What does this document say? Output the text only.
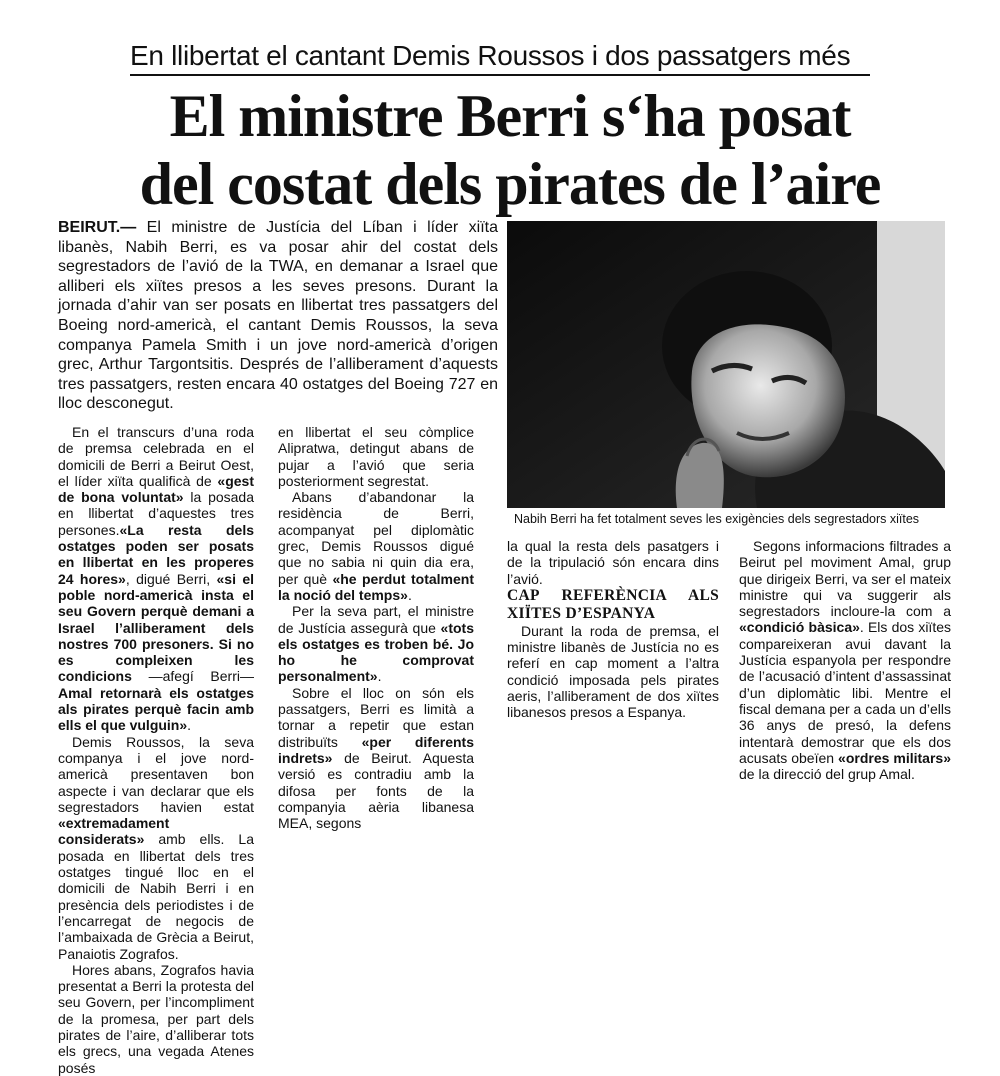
En llibertat el cantant Demis Roussos i dos passatgers més
El ministre Berri s‘ha posat
del costat dels pirates de l’aire
BEIRUT.— El ministre de Justícia del Líban i líder xiïta libanès, Nabih Berri, es va posar ahir del costat dels segrestadors de l’avió de la TWA, en demanar a Israel que alliberi els xiïtes presos a les seves presons. Durant la jornada d’ahir van ser posats en llibertat tres passatgers del Boeing nord-americà, el cantant Demis Roussos, la seva companya Pamela Smith i un jove nord-americà d’origen grec, Arthur Targontsitis. Després de l’alliberament d’aquests tres passatgers, resten encara 40 ostatges del Boeing 727 en lloc desconegut.
Nabih Berri ha fet totalment seves les exigències dels segrestadors xiïtes

En el transcurs d’una roda de premsa celebrada en el domicili de Berri a Beirut Oest, el líder xiïta qualificà de «gest de bona voluntat» la posada en llibertat d’aquestes tres persones.«La resta dels ostatges poden ser posats en llibertat en les properes 24 hores», digué Berri, «si el poble nord-americà insta el seu Govern perquè demani a Israel l’alliberament dels nostres 700 presoners. Si no es compleixen les condicions —afegí Berri— Amal retornarà els ostatges als pirates perquè facin amb ells el que vulguin».

Demis Roussos, la seva companya i el jove nord-americà presentaven bon aspecte i van declarar que els segrestadors havien estat «extremadament considerats» amb ells. La posada en llibertat dels tres ostatges tingué lloc en el domicili de Nabih Berri i en presència dels periodistes i de l’encarregat de negocis de l’ambaixada de Grècia a Beirut, Panaiotis Zografos.

Hores abans, Zografos havia presentat a Berri la protesta del seu Govern, per l’incompliment de la promesa, per part dels pirates de l’aire, d’alliberar tots els grecs, una vegada Atenes posés

en llibertat el seu còmplice Alipratwa, detingut abans de pujar a l’avió que seria posteriorment segrestat.

Abans d’abandonar la residència de Berri, acompanyat pel diplomàtic grec, Demis Roussos digué que no sabia ni quin dia era, per què «he perdut totalment la noció del temps».

Per la seva part, el ministre de Justícia assegurà que «tots els ostatges es troben bé. Jo ho he comprovat personalment».

Sobre el lloc on són els passatgers, Berri es limità a tornar a repetir que estan distribuïts «per diferents indrets» de Beirut. Aquesta versió es contradiu amb la difosa per fonts de la companyia aèria libanesa MEA, segons

la qual la resta dels pasatgers i de la tripulació són encara dins l’avió.

CAP REFERÈNCIA ALS XIÏTES D’ESPANYA

Durant la roda de premsa, el ministre libanès de Justícia no es referí en cap moment a l’altra condició imposada pels pirates aeris, l’alliberament de dos xiïtes libanesos presos a Espanya.

Segons informacions filtrades a Beirut pel moviment Amal, grup que dirigeix Berri, va ser el mateix ministre qui va suggerir als segrestadors incloure-la com a «condició bàsica». Els dos xiïtes compareixeran avui davant la Justícia espanyola per respondre de l’acusació d’intent d’assassinat d’un diplomàtic libi. Mentre el fiscal demana per a cada un d’ells 36 anys de presó, la defens intentarà demostrar que els dos acusats obeïen «ordres militars» de la direcció del grup Amal.
